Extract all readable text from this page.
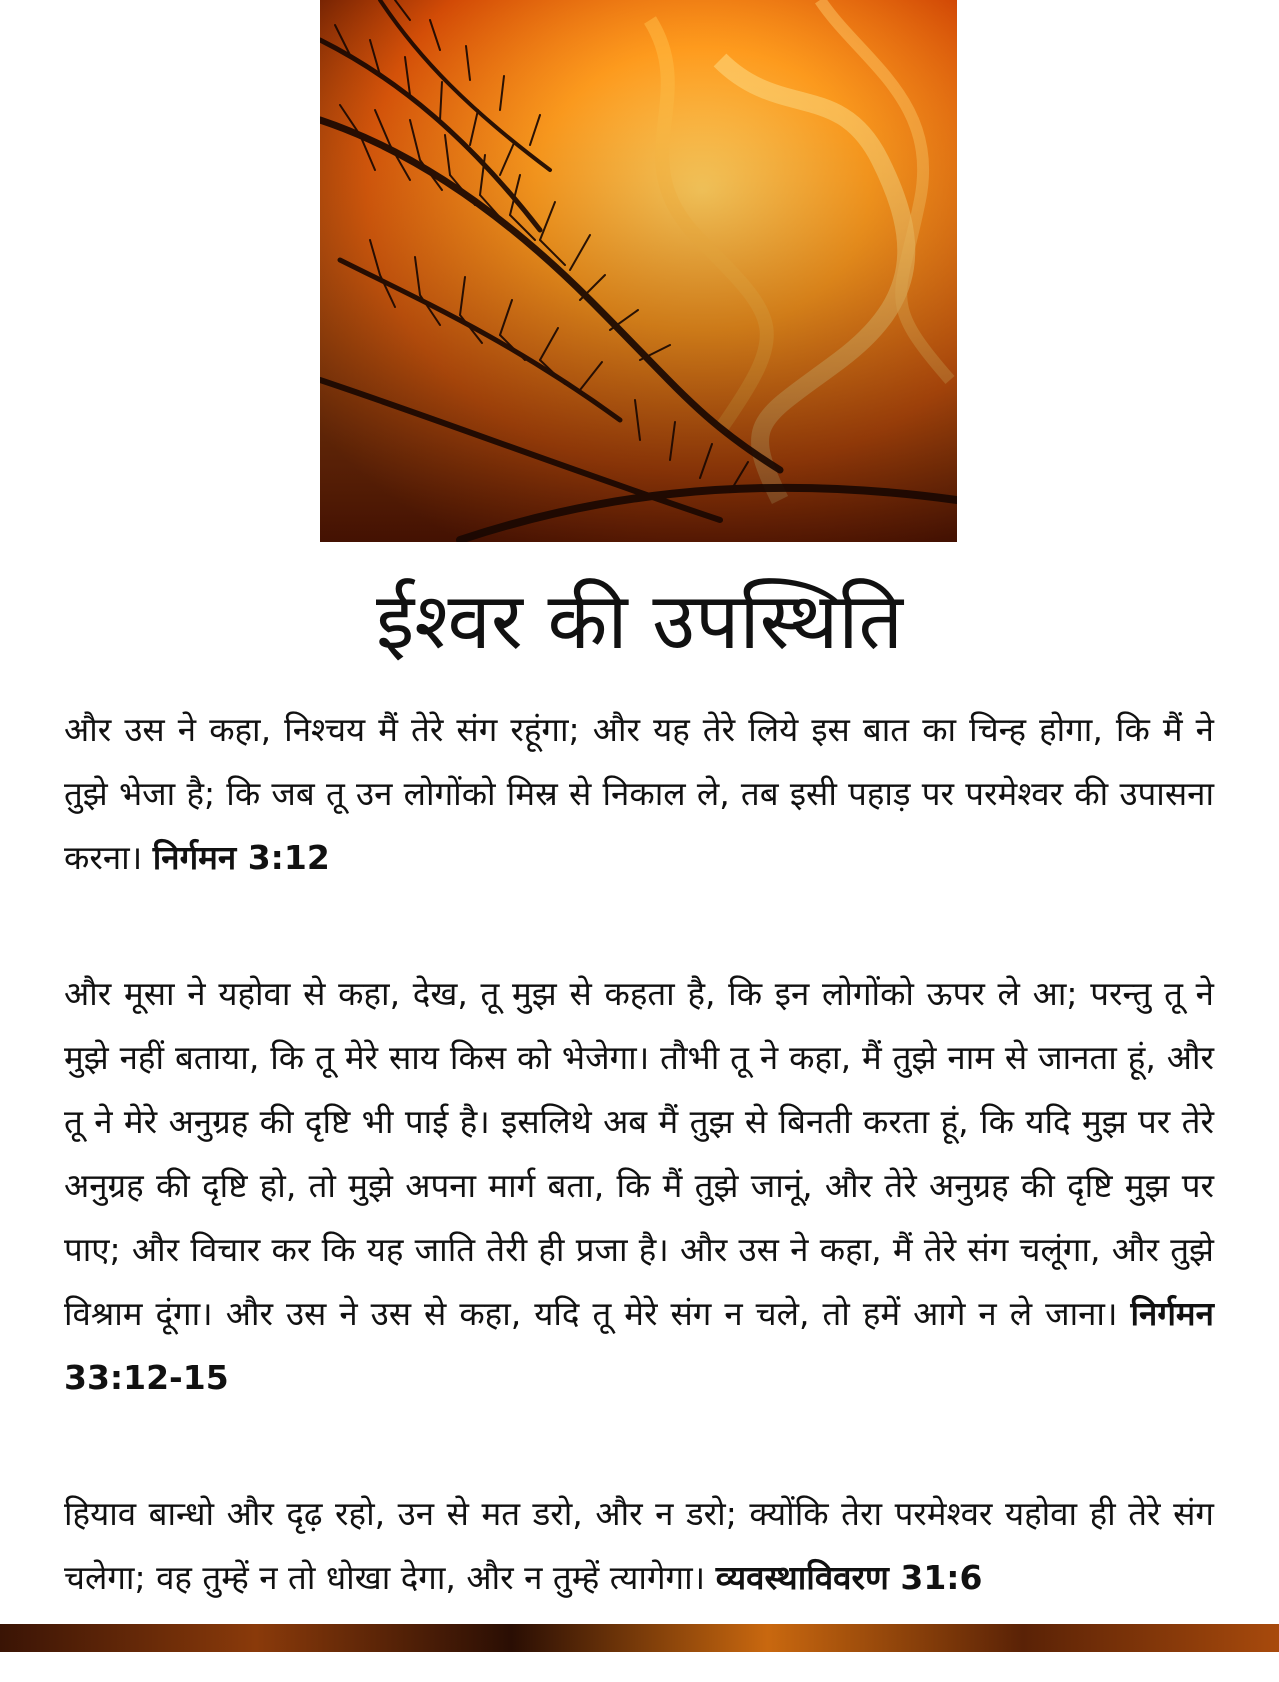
ईश्वर की उपस्थिति

और उस ने कहा, निश्चय मैं तेरे संग रहूंगा; और यह तेरे लिये इस बात का चिन्ह होगा, कि मैं ने तुझे भेजा है; कि जब तू उन लोगोंको मिस्र से निकाल ले, तब इसी पहाड़ पर परमेश्वर की उपासना करना। निर्गमन 3:12

और मूसा ने यहोवा से कहा, देख, तू मुझ से कहता है, कि इन लोगोंको ऊपर ले आ; परन्तु तू ने मुझे नहीं बताया, कि तू मेरे साय किस को भेजेगा। तौभी तू ने कहा, मैं तुझे नाम से जानता हूं, और तू ने मेरे अनुग्रह की दृष्टि भी पाई है। इसलिथे अब मैं तुझ से बिनती करता हूं, कि यदि मुझ पर तेरे अनुग्रह की दृष्टि हो, तो मुझे अपना मार्ग बता, कि मैं तुझे जानूं, और तेरे अनुग्रह की दृष्टि मुझ पर पाए; और विचार कर कि यह जाति तेरी ही प्रजा है। और उस ने कहा, मैं तेरे संग चलूंगा, और तुझे विश्राम दूंगा। और उस ने उस से कहा, यदि तू मेरे संग न चले, तो हमें आगे न ले जाना। निर्गमन 33:12-15

हियाव बान्धो और दृढ़ रहो, उन से मत डरो, और न डरो; क्योंकि तेरा परमेश्वर यहोवा ही तेरे संग चलेगा; वह तुम्हें न तो धोखा देगा, और न तुम्हें त्यागेगा। व्यवस्थाविवरण 31:6
